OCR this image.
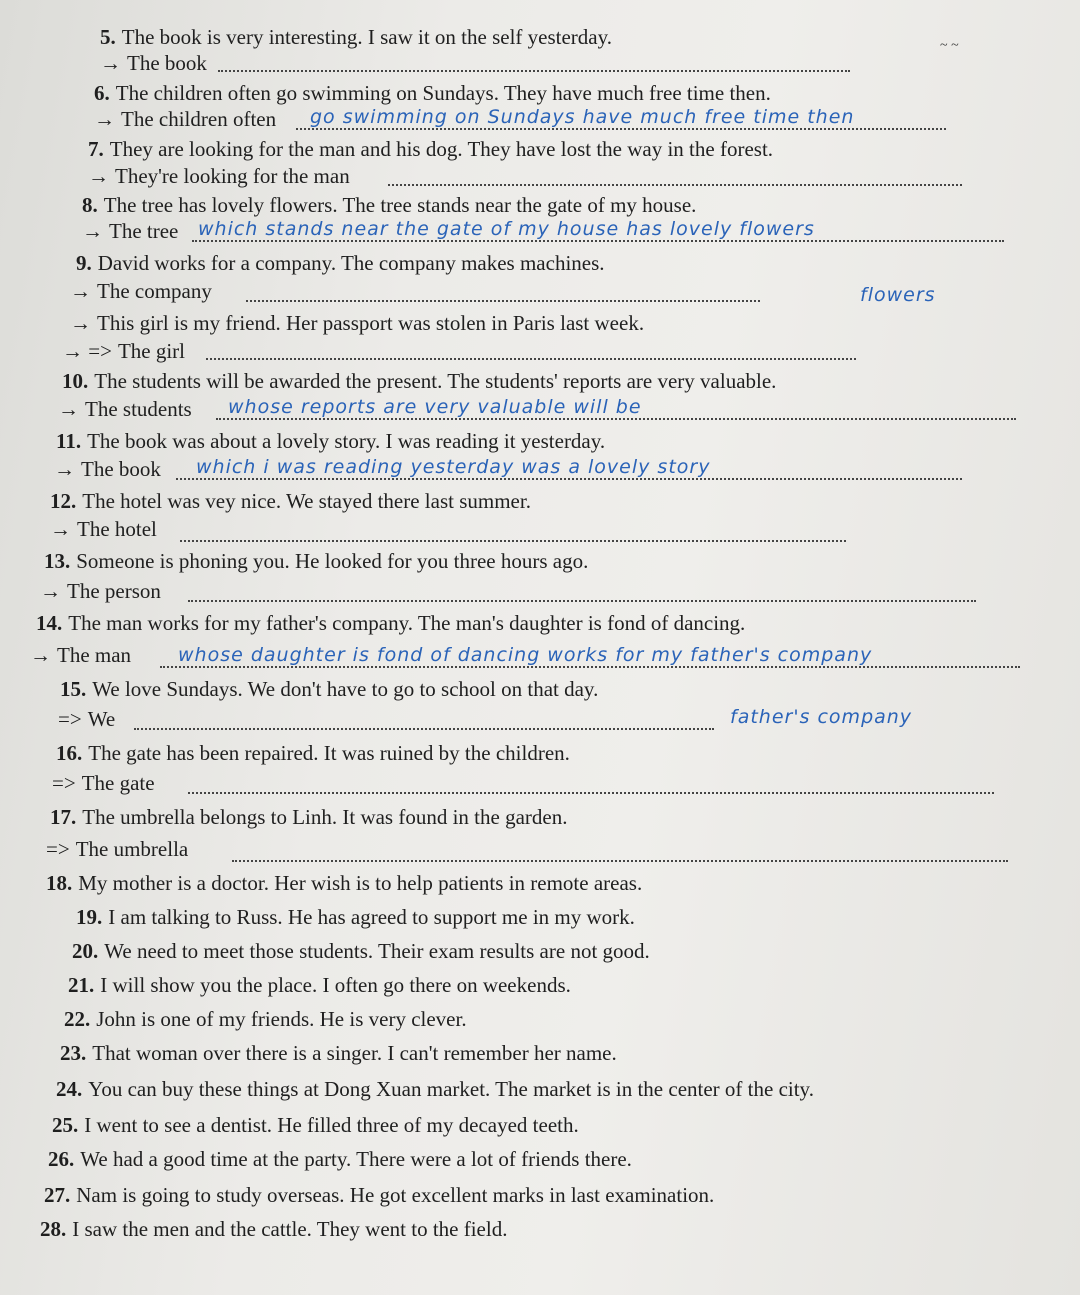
~ ~
5. The book is very interesting. I saw it on the self yesterday.
→ The book
6. The children often go swimming on Sundays. They have much free time then.
→ The children often go swimming on Sundays have much free time then
7. They are looking for the man and his dog. They have lost the way in the forest.
→ They're looking for the man
8. The tree has lovely flowers. The tree stands near the gate of my house.
→ The tree which stands near the gate of my house has lovely flowers
flowers
9. David works for a company. The company makes machines.
→ The company
→ This girl is my friend. Her passport was stolen in Paris last week.
→ => The girl
10. The students will be awarded the present. The students' reports are very valuable.
→ The students whose reports are very valuable will be
11. The book was about a lovely story. I was reading it yesterday.
→ The book which i was reading yesterday was a lovely story
12. The hotel was vey nice. We stayed there last summer.
→ The hotel
13. Someone is phoning you. He looked for you three hours ago.
→ The person
14. The man works for my father's company. The man's daughter is fond of dancing.
→ The man whose daughter is fond of dancing works for my father's company
father's company
15. We love Sundays. We don't have to go to school on that day.
=> We
16. The gate has been repaired. It was ruined by the children.
=> The gate
17. The umbrella belongs to Linh. It was found in the garden.
=> The umbrella
18. My mother is a doctor. Her wish is to help patients in remote areas.
19. I am talking to Russ. He has agreed to support me in my work.
20. We need to meet those students. Their exam results are not good.
21. I will show you the place. I often go there on weekends.
22. John is one of my friends. He is very clever.
23. That woman over there is a singer. I can't remember her name.
24. You can buy these things at Dong Xuan market. The market is in the center of the city.
25. I went to see a dentist. He filled three of my decayed teeth.
26. We had a good time at the party. There were a lot of friends there.
27. Nam is going to study overseas. He got excellent marks in last examination.
28. I saw the men and the cattle. They went to the field.
